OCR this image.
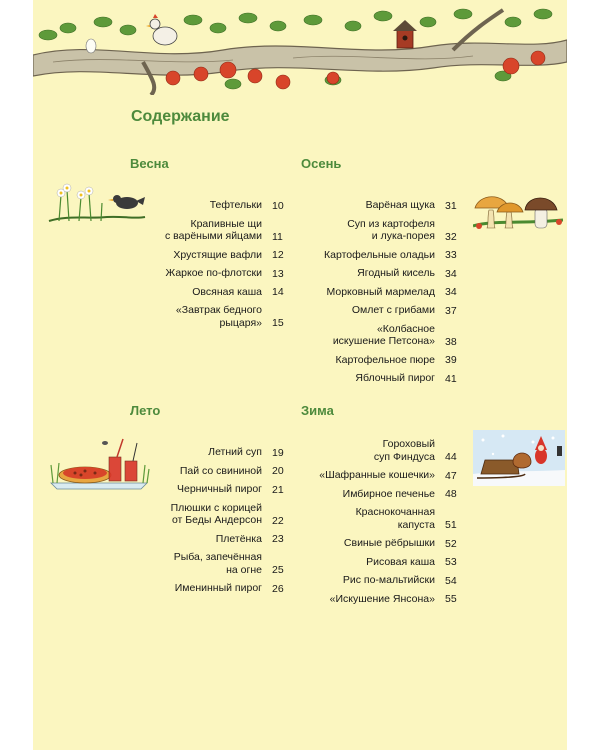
Содержание
Весна
Тефтельки 10
Крапивные щи
с варёными яйцами 11
Хрустящие вафли 12
Жаркое по-флотски 13
Овсяная каша 14
«Завтрак бедного
рыцаря» 15
Осень
Варёная щука 31
Суп из картофеля
и лука-порея 32
Картофельные оладьи 33
Ягодный кисель 34
Морковный мармелад 34
Омлет с грибами 37
«Колбасное
искушение Петсона» 38
Картофельное пюре 39
Яблочный пирог 41
Лето
Летний суп 19
Пай со свининой 20
Черничный пирог 21
Плюшки с корицей
от Беды Андерсон 22
Плетёнка 23
Рыба, запечённая
на огне 25
Именинный пирог 26
Зима
Гороховый
суп Финдуса 44
«Шафранные кошечки» 47
Имбирное печенье 48
Краснокочанная
капуста 51
Свиные рёбрышки 52
Рисовая каша 53
Рис по-мальтийски 54
«Искушение Янсона» 55
